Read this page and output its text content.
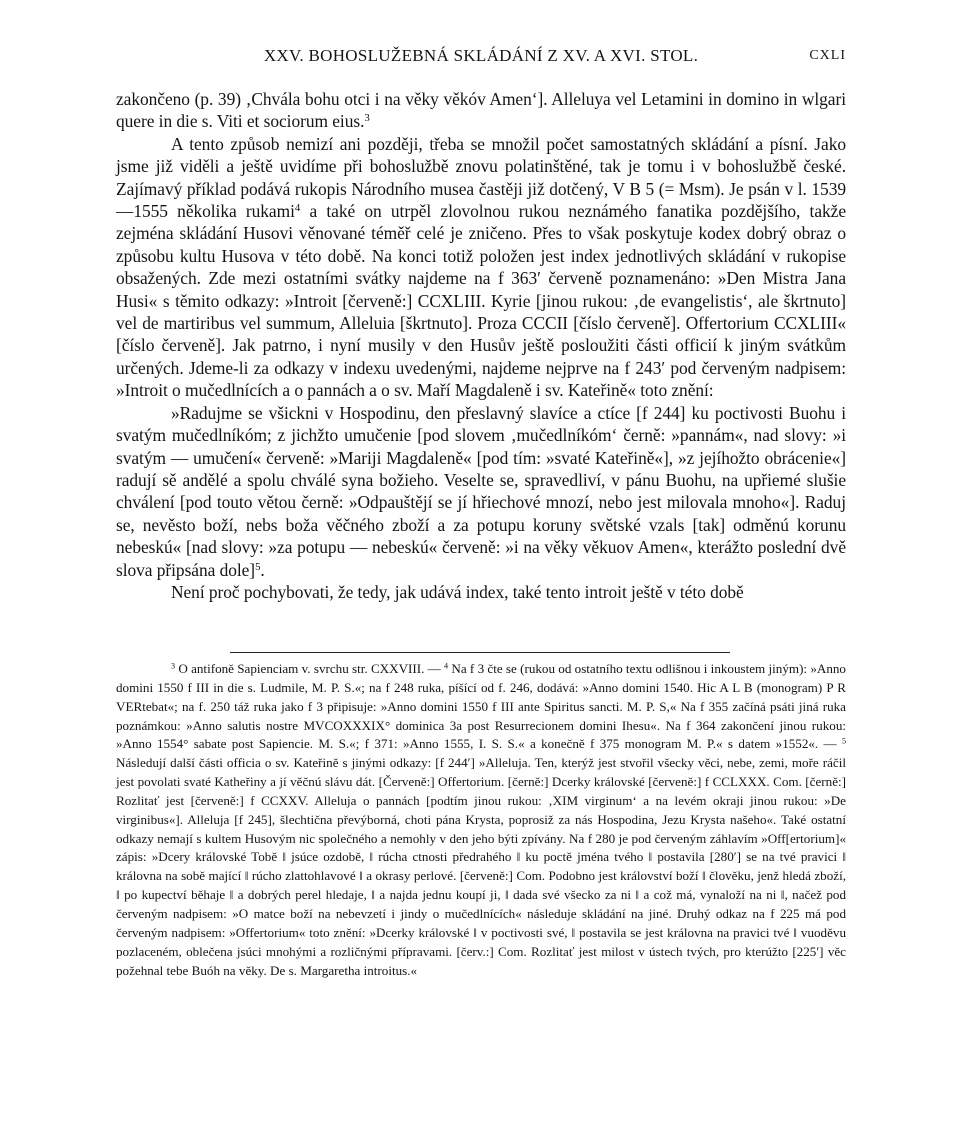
XXV. BOHOSLUŽEBNÁ SKLÁDÁNÍ Z XV. A XVI. STOL.	CXLI

zakončeno (p. 39) ‚Chvála bohu otci i na věky věkóv Amen‘]. Alleluya vel Letamini in domino in wlgari quere in die s. Viti et sociorum eius.$^3$

A tento způsob nemizí ani později, třeba se množil počet samostatných skládání a písní. Jako jsme již viděli a ještě uvidíme při bohoslužbě znovu polatinštěné, tak je tomu i v bohoslužbě české. Zajímavý příklad podává rukopis Národního musea častěji již dotčený, V B 5 (= Msm). Je psán v l. 1539—1555 několika rukami$^4$ a také on utrpěl zlovolnou rukou neznámého fanatika pozdějšího, takže zejména skládání Husovi věnované téměř celé je zničeno. Přes to však poskytuje kodex dobrý obraz o způsobu kultu Husova v této době. Na konci totiž položen jest index jednotlivých skládání v rukopise obsažených. Zde mezi ostatními svátky najdeme na f 363′ červeně poznamenáno: »Den Mistra Jana Husi« s těmito odkazy: »Introit [červeně:] CCXLIII. Kyrie [jinou rukou: ‚de evangelistis‘, ale škrtnuto] vel de martiribus vel summum, Alleluia [škrtnuto]. Proza CCCII [číslo červeně]. Offertorium CCXLIII« [číslo červeně]. Jak patrno, i nyní musily v den Husův ještě posloužiti části officií k jiným svátkům určených. Jdeme-li za odkazy v indexu uvedenými, najdeme nejprve na f 243′ pod červeným nadpisem: »Introit o mučedlnících a o pannách a o sv. Maří Magdaleně i sv. Kateřině« toto znění:

»Radujme se všickni v Hospodinu, den přeslavný slavíce a ctíce [f 244] ku poctivosti Buohu i svatým mučedlníkóm; z jichžto umučenie [pod slovem ‚mučedlníkóm‘ černě: »pannám«, nad slovy: »i svatým — umučení« červeně: »Mariji Magdaleně« [pod tím: »svaté Kateřině«], »z jejíhožto obrácenie«] radují sě andělé a spolu chválé syna božieho. Veselte se, spravedliví, v pánu Buohu, na upřiemé slušie chválení [pod touto větou černě: »Odpauštějí se jí hřiechové mnozí, nebo jest milovala mnoho«]. Raduj se, nevěsto boží, nebs boža věčného zboží a za potupu koruny světské vzals [tak] odměnú korunu nebeskú« [nad slovy: »za potupu — nebeskú« červeně: »i na věky věkuov Amen«, kterážto poslední dvě slova připsána dole]$^5$.

Není proč pochybovati, že tedy, jak udává index, také tento introit ještě v této době

$^3$ O antifoně Sapienciam v. svrchu str. CXXVIII. — $^4$ Na f 3 čte se (rukou od ostatního textu odlišnou i inkoustem jiným): »Anno domini 1550 f III in die s. Ludmile, M. P. S.«; na f 248 ruka, píšící od f. 246, dodává: »Anno domini 1540. Hic A L B (monogram) P R VERtebat«; na f. 250 táž ruka jako f 3 připisuje: »Anno domini 1550 f III ante Spiritus sancti. M. P. S,« Na f 355 začíná psáti jiná ruka poznámkou: »Anno salutis nostre MVCOXXXIX° dominica 3a post Resurrecionem domini Ihesu«. Na f 364 zakončení jinou rukou: »Anno 1554° sabate post Sapiencie. M. S.«; f 371: »Anno 1555, I. S. S.« a konečně f 375 monogram M. P.« s datem »1552«. — $^5$ Následují další části officia o sv. Kateřině s jinými odkazy: [f 244′] »Alleluja. Ten, kterýž jest stvořil všecky věci, nebe, zemi, moře ráčil jest povolati svaté Katheřiny a jí věčnú slávu dát. [Červeně:] Offertorium. [černě:] Dcerky královské [červeně:] f CCLXXX. Com. [černě:] Rozlitať jest [červeně:] f CCXXV. Alleluja o pannách [podtím jinou rukou: ‚XIM virginum‘ a na levém okraji jinou rukou: »De virginibus«]. Alleluja [f 245], šlechtična převýborná, choti pána Krysta, poprosiž za nás Hospodina, Jezu Krysta našeho«. Také ostatní odkazy nemají s kultem Husovým nic společného a nemohly v den jeho býti zpívány. Na f 280 je pod červeným záhlavím »Off[ertorium]« zápis: »Dcery královské Tobě ‖ jsúce ozdobě, ‖ rúcha ctnosti předrahého ‖ ku poctě jména tvého ‖ postavila [280′] se na tvé pravici ‖ královna na sobě mající ‖ rúcho zlattohlavové ‖ a okrasy perlové. [červeně:] Com. Podobno jest království boží ‖ člověku, jenž hledá zboží, ‖ po kupectví běhaje ‖ a dobrých perel hledaje, ‖ a najda jednu koupí ji, ‖ dada své všecko za ni ‖ a což má, vynaloží na ni ‖, načež pod červeným nadpisem: »O matce boží na nebevzetí i jindy o mučedlnících« následuje skládání na jiné. Druhý odkaz na f 225 má pod červeným nadpisem: »Offertorium« toto znění: »Dcerky královské ‖ v poctivosti své, ‖ postavila se jest královna na pravici tvé ‖ vuoděvu pozlaceném, oblečena jsúci mnohými a rozličnými přípravami. [červ.:] Com. Rozlitať jest milost v ústech tvých, pro kterúžto [225′] věc požehnal tebe Buóh na věky. De s. Margaretha introitus.«
